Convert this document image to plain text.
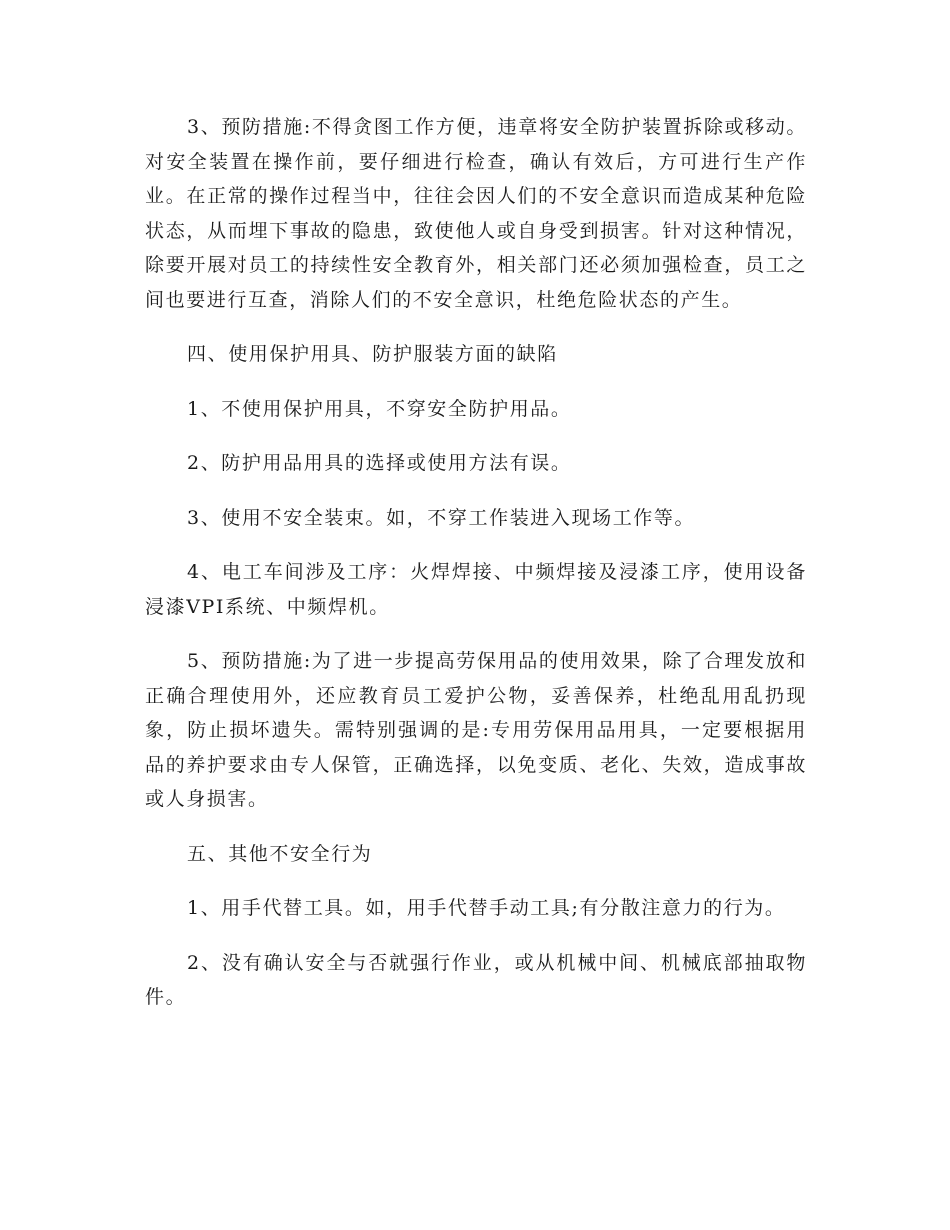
3、预防措施:不得贪图工作方便，违章将安全防护装置拆除或移动。对安全装置在操作前，要仔细进行检查，确认有效后，方可进行生产作业。在正常的操作过程当中，往往会因人们的不安全意识而造成某种危险状态，从而埋下事故的隐患，致使他人或自身受到损害。针对这种情况，除要开展对员工的持续性安全教育外，相关部门还必须加强检查，员工之间也要进行互查，消除人们的不安全意识，杜绝危险状态的产生。

四、使用保护用具、防护服装方面的缺陷

1、不使用保护用具，不穿安全防护用品。

2、防护用品用具的选择或使用方法有误。

3、使用不安全装束。如，不穿工作装进入现场工作等。

4、电工车间涉及工序：火焊焊接、中频焊接及浸漆工序，使用设备浸漆VPI系统、中频焊机。

5、预防措施:为了进一步提高劳保用品的使用效果，除了合理发放和正确合理使用外，还应教育员工爱护公物，妥善保养，杜绝乱用乱扔现象，防止损坏遗失。需特别强调的是:专用劳保用品用具，一定要根据用品的养护要求由专人保管，正确选择，以免变质、老化、失效，造成事故或人身损害。

五、其他不安全行为

1、用手代替工具。如，用手代替手动工具;有分散注意力的行为。

2、没有确认安全与否就强行作业，或从机械中间、机械底部抽取物件。
